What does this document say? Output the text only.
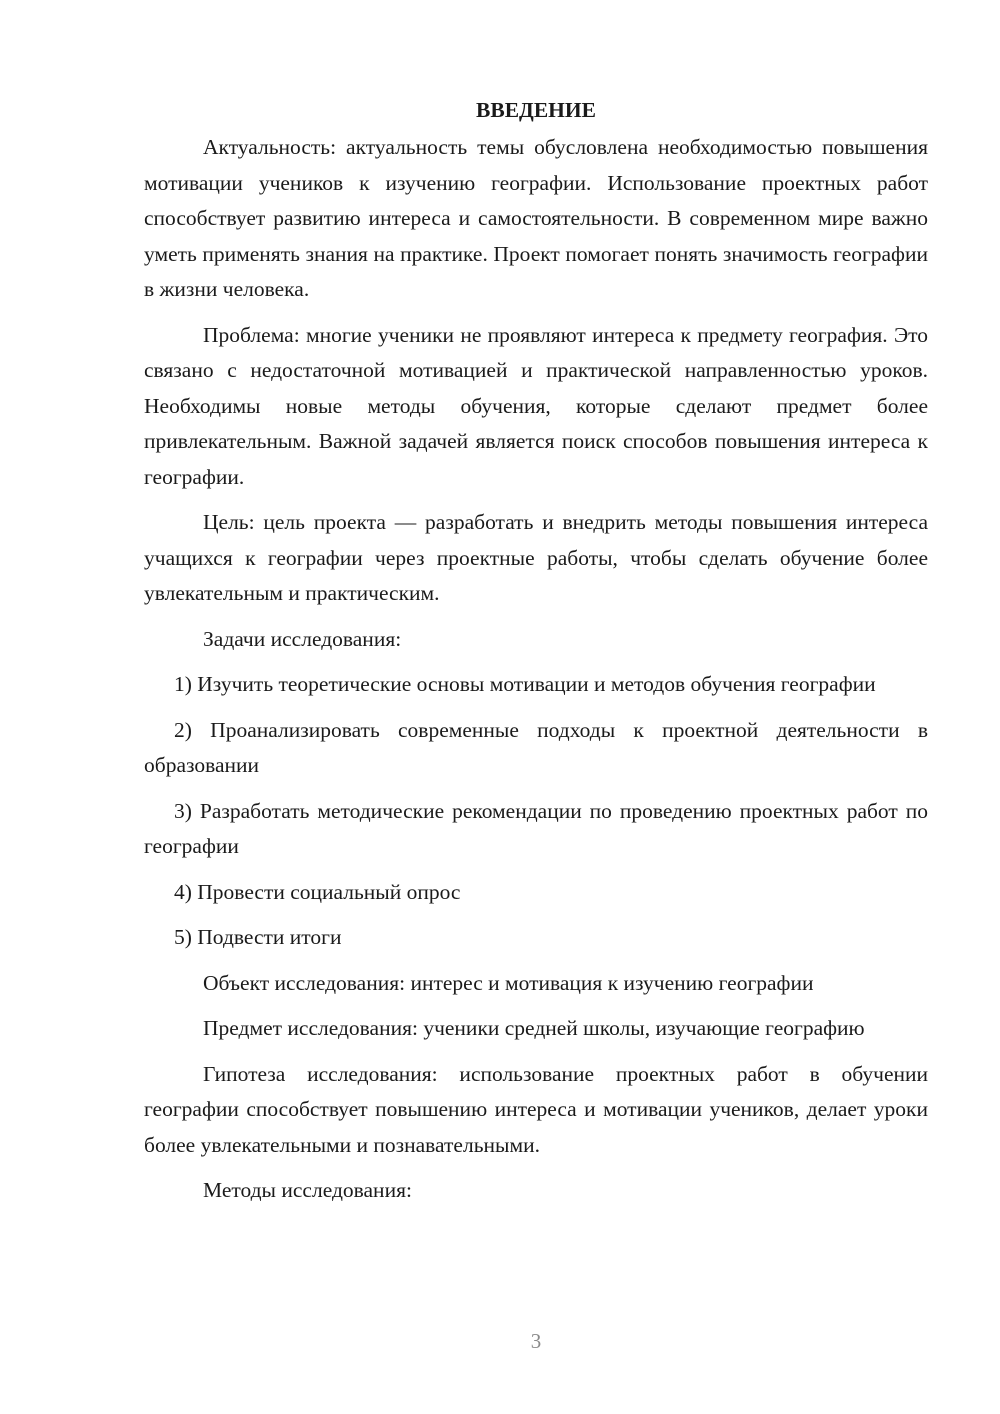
ВВЕДЕНИЕ

Актуальность: актуальность темы обусловлена необходимостью повышения мотивации учеников к изучению географии. Использование проектных работ способствует развитию интереса и самостоятельности. В современном мире важно уметь применять знания на практике. Проект помогает понять значимость географии в жизни человека.

Проблема: многие ученики не проявляют интереса к предмету география. Это связано с недостаточной мотивацией и практической направленностью уроков. Необходимы новые методы обучения, которые сделают предмет более привлекательным. Важной задачей является поиск способов повышения интереса к географии.

Цель: цель проекта — разработать и внедрить методы повышения интереса учащихся к географии через проектные работы, чтобы сделать обучение более увлекательным и практическим.

Задачи исследования:

1) Изучить теоретические основы мотивации и методов обучения географии

2) Проанализировать современные подходы к проектной деятельности в образовании

3) Разработать методические рекомендации по проведению проектных работ по географии

4) Провести социальный опрос

5) Подвести итоги

Объект исследования: интерес и мотивация к изучению географии

Предмет исследования: ученики средней школы, изучающие географию

Гипотеза исследования: использование проектных работ в обучении географии способствует повышению интереса и мотивации учеников, делает уроки более увлекательными и познавательными.

Методы исследования:

3
